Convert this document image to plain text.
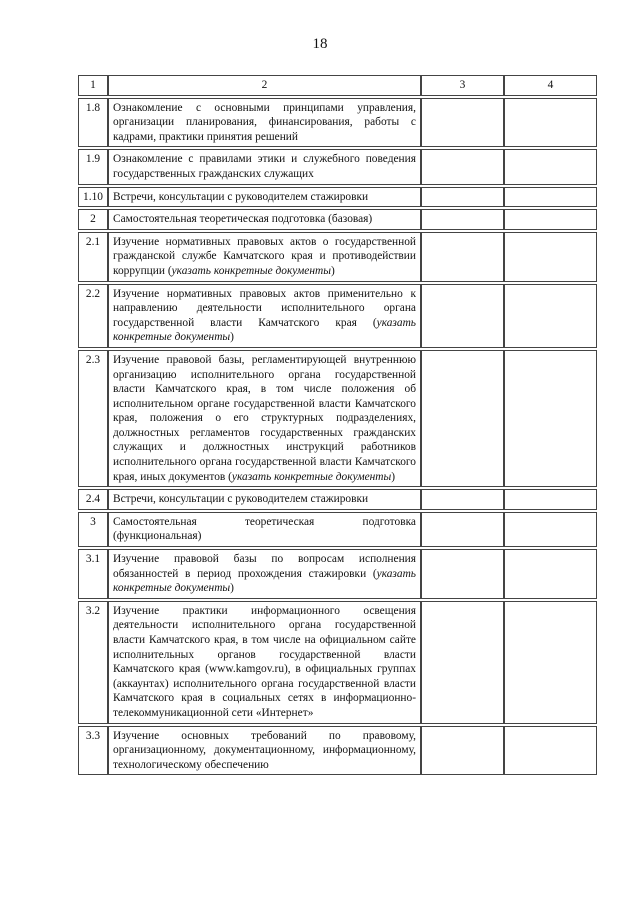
18
1	2	3	4
1.8	Ознакомление с основными принципами управления, организации планирования, финансирования, работы с кадрами, практики принятия решений		
1.9	Ознакомление с правилами этики и служебного поведения государственных гражданских служащих		
1.10	Встречи, консультации с руководителем стажировки		
2	Самостоятельная теоретическая подготовка (базовая)		
2.1	Изучение нормативных правовых актов о государственной гражданской службе Камчатского края и противодействии коррупции (указать конкретные документы)		
2.2	Изучение нормативных правовых актов применительно к направлению деятельности исполнительного органа государственной власти Камчатского края (указать конкретные документы)		
2.3	Изучение правовой базы, регламентирующей внутреннюю организацию исполнительного органа государственной власти Камчатского края, в том числе положения об исполнительном органе государственной власти Камчатского края, положения о его структурных подразделениях, должностных регламентов государственных гражданских служащих и должностных инструкций работников исполнительного органа государственной власти Камчатского края, иных документов (указать конкретные документы)		
2.4	Встречи, консультации с руководителем стажировки		
3	Самостоятельная теоретическая подготовка (функциональная)		
3.1	Изучение правовой базы по вопросам исполнения обязанностей в период прохождения стажировки (указать конкретные документы)		
3.2	Изучение практики информационного освещения деятельности исполнительного органа государственной власти Камчатского края, в том числе на официальном сайте исполнительных органов государственной власти Камчатского края (www.kamgov.ru), в официальных группах (аккаунтах) исполнительного органа государственной власти Камчатского края в социальных сетях в информационно-телекоммуникационной сети «Интернет»		
3.3	Изучение основных требований по правовому, организационному, документационному, информационному, технологическому обеспечению		
